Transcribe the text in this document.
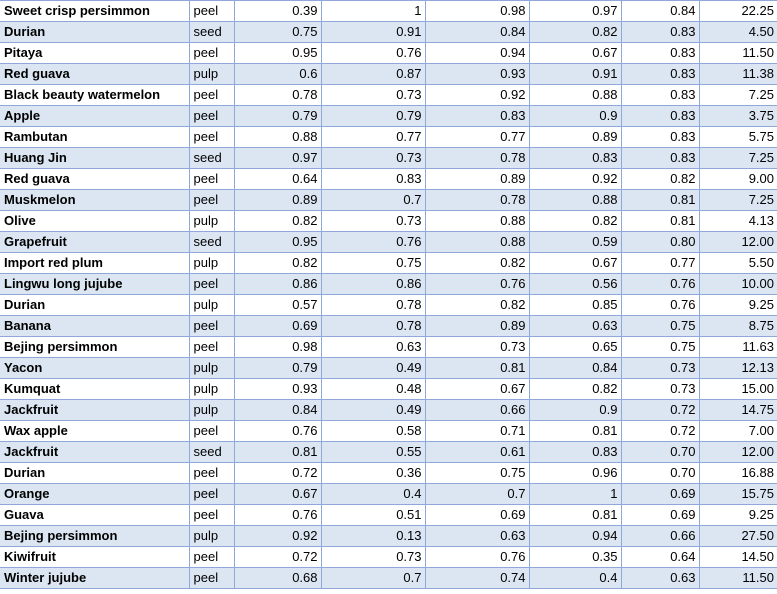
Sweet crisp persimmon	peel	0.39	1	0.98	0.97	0.84	22.25
Durian	seed	0.75	0.91	0.84	0.82	0.83	4.50
Pitaya	peel	0.95	0.76	0.94	0.67	0.83	11.50
Red guava	pulp	0.6	0.87	0.93	0.91	0.83	11.38
Black beauty watermelon	peel	0.78	0.73	0.92	0.88	0.83	7.25
Apple	peel	0.79	0.79	0.83	0.9	0.83	3.75
Rambutan	peel	0.88	0.77	0.77	0.89	0.83	5.75
Huang Jin	seed	0.97	0.73	0.78	0.83	0.83	7.25
Red guava	peel	0.64	0.83	0.89	0.92	0.82	9.00
Muskmelon	peel	0.89	0.7	0.78	0.88	0.81	7.25
Olive	pulp	0.82	0.73	0.88	0.82	0.81	4.13
Grapefruit	seed	0.95	0.76	0.88	0.59	0.80	12.00
Import red plum	pulp	0.82	0.75	0.82	0.67	0.77	5.50
Lingwu long jujube	peel	0.86	0.86	0.76	0.56	0.76	10.00
Durian	pulp	0.57	0.78	0.82	0.85	0.76	9.25
Banana	peel	0.69	0.78	0.89	0.63	0.75	8.75
Bejing persimmon	peel	0.98	0.63	0.73	0.65	0.75	11.63
Yacon	pulp	0.79	0.49	0.81	0.84	0.73	12.13
Kumquat	pulp	0.93	0.48	0.67	0.82	0.73	15.00
Jackfruit	pulp	0.84	0.49	0.66	0.9	0.72	14.75
Wax apple	peel	0.76	0.58	0.71	0.81	0.72	7.00
Jackfruit	seed	0.81	0.55	0.61	0.83	0.70	12.00
Durian	peel	0.72	0.36	0.75	0.96	0.70	16.88
Orange	peel	0.67	0.4	0.7	1	0.69	15.75
Guava	peel	0.76	0.51	0.69	0.81	0.69	9.25
Bejing persimmon	pulp	0.92	0.13	0.63	0.94	0.66	27.50
Kiwifruit	peel	0.72	0.73	0.76	0.35	0.64	14.50
Winter jujube	peel	0.68	0.7	0.74	0.4	0.63	11.50
